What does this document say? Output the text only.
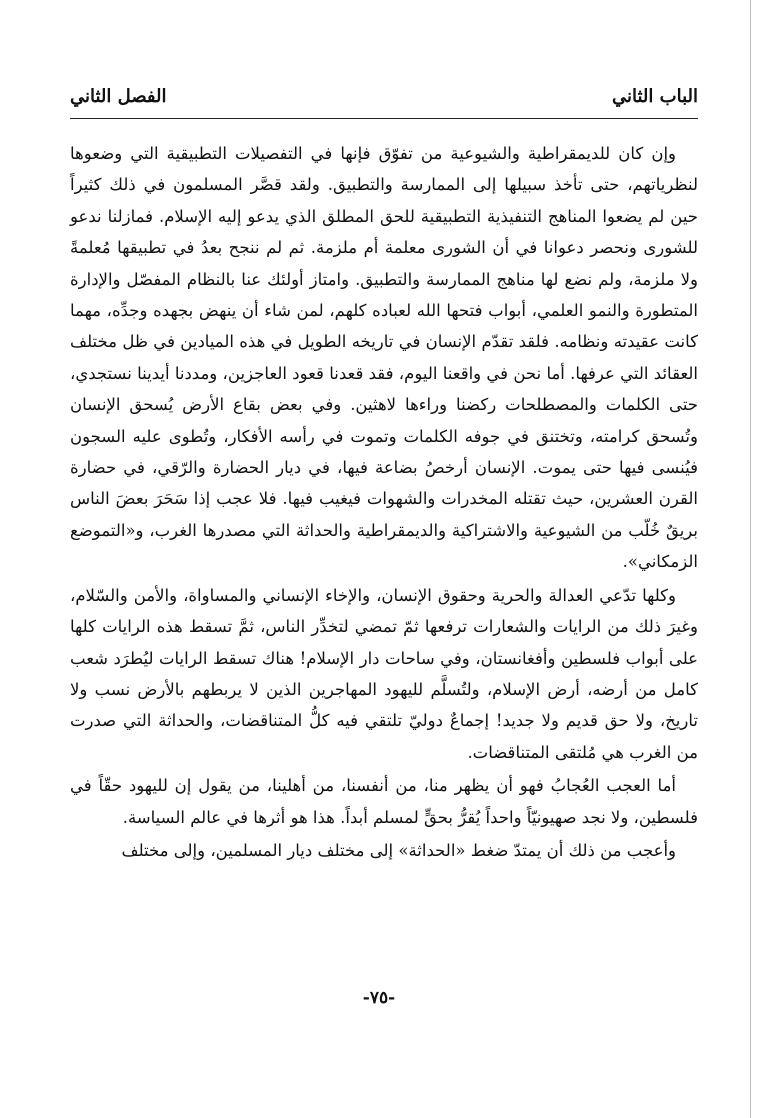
الباب الثاني
الفصل الثاني

وإن كان للديمقراطية والشيوعية من تفوّق فإنها في التفصيلات التطبيقية التي وضعوها لنظرياتهم، حتى تأخذ سبيلها إلى الممارسة والتطبيق. ولقد قصَّر المسلمون في ذلك كثيراً حين لم يضعوا المناهج التنفيذية التطبيقية للحق المطلق الذي يدعو إليه الإسلام. فمازلنا ندعو للشورى ونحصر دعوانا في أن الشورى معلمة أم ملزمة. ثم لم ننجح بعدُ في تطبيقها مُعلمةً ولا ملزمة، ولم نضع لها مناهج الممارسة والتطبيق. وامتاز أولئك عنا بالنظام المفصّل والإدارة المتطورة والنمو العلمي، أبواب فتحها الله لعباده كلهم، لمن شاء أن ينهض بجهده وجدِّه، مهما كانت عقيدته ونظامه. فلقد تقدّم الإنسان في تاريخه الطويل في هذه الميادين في ظل مختلف العقائد التي عرفها. أما نحن في واقعنا اليوم، فقد قعدنا قعود العاجزين، ومددنا أيدينا نستجدي، حتى الكلمات والمصطلحات ركضنا وراءها لاهثين. وفي بعض بقاع الأرض يُسحق الإنسان وتُسحق كرامته، وتختنق في جوفه الكلمات وتموت في رأسه الأفكار، وتُطوى عليه السجون فيُنسى فيها حتى يموت. الإنسان أرخصُ بضاعة فيها، في ديار الحضارة والرّقي، في حضارة القرن العشرين، حيث تقتله المخدرات والشهوات فيغيب فيها. فلا عجب إذا سَحَرَ بعضَ الناس بريقٌ خُلّب من الشيوعية والاشتراكية والديمقراطية والحداثة التي مصدرها الغرب، و«التموضع الزمكاني».

وكلها تدّعي العدالة والحرية وحقوق الإنسان، والإخاء الإنساني والمساواة، والأمن والسّلام، وغيرَ ذلك من الرايات والشعارات ترفعها ثمّ تمضي لتخدِّر الناس، ثمَّ تسقط هذه الرايات كلها على أبواب فلسطين وأفغانستان، وفي ساحات دار الإسلام! هناك تسقط الرايات ليُطرَد شعب كامل من أرضه، أرض الإسلام، ولتُسلَّم لليهود المهاجرين الذين لا يربطهم بالأرض نسب ولا تاريخ، ولا حق قديم ولا جديد! إجماعٌ دوليّ تلتقي فيه كلُّ المتناقضات، والحداثة التي صدرت من الغرب هي مُلتقى المتناقضات.

أما العجب العُجابُ فهو أن يظهر منا، من أنفسنا، من أهلينا، من يقول إن لليهود حقّاً في فلسطين، ولا نجد صهيونيّاً واحداً يُقرُّ بحقٍّ لمسلم أبداً. هذا هو أثرها في عالم السياسة.

وأعجب من ذلك أن يمتدّ ضغط «الحداثة» إلى مختلف ديار المسلمين، وإلى مختلف

-٧٥-
